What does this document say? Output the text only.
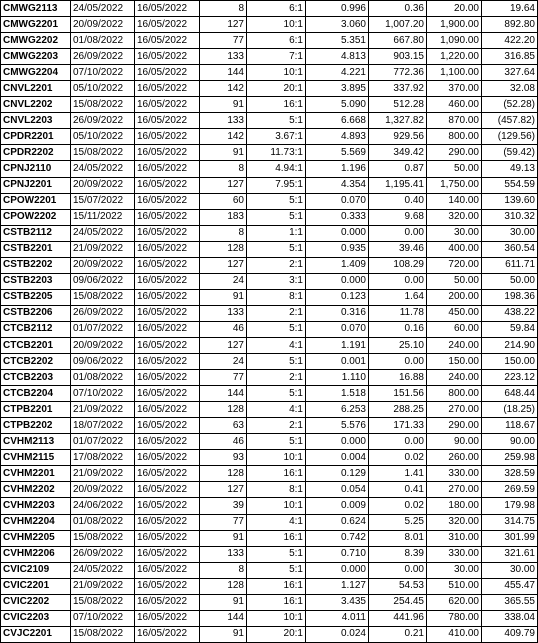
CMWG2113	24/05/2022	16/05/2022	8	6:1	0.996	0.36	20.00	19.64
CMWG2201	20/09/2022	16/05/2022	127	10:1	3.060	1,007.20	1,900.00	892.80
CMWG2202	01/08/2022	16/05/2022	77	6:1	5.351	667.80	1,090.00	422.20
CMWG2203	26/09/2022	16/05/2022	133	7:1	4.813	903.15	1,220.00	316.85
CMWG2204	07/10/2022	16/05/2022	144	10:1	4.221	772.36	1,100.00	327.64
CNVL2201	05/10/2022	16/05/2022	142	20:1	3.895	337.92	370.00	32.08
CNVL2202	15/08/2022	16/05/2022	91	16:1	5.090	512.28	460.00	(52.28)
CNVL2203	26/09/2022	16/05/2022	133	5:1	6.668	1,327.82	870.00	(457.82)
CPDR2201	05/10/2022	16/05/2022	142	3.67:1	4.893	929.56	800.00	(129.56)
CPDR2202	15/08/2022	16/05/2022	91	11.73:1	5.569	349.42	290.00	(59.42)
CPNJ2110	24/05/2022	16/05/2022	8	4.94:1	1.196	0.87	50.00	49.13
CPNJ2201	20/09/2022	16/05/2022	127	7.95:1	4.354	1,195.41	1,750.00	554.59
CPOW2201	15/07/2022	16/05/2022	60	5:1	0.070	0.40	140.00	139.60
CPOW2202	15/11/2022	16/05/2022	183	5:1	0.333	9.68	320.00	310.32
CSTB2112	24/05/2022	16/05/2022	8	1:1	0.000	0.00	30.00	30.00
CSTB2201	21/09/2022	16/05/2022	128	5:1	0.935	39.46	400.00	360.54
CSTB2202	20/09/2022	16/05/2022	127	2:1	1.409	108.29	720.00	611.71
CSTB2203	09/06/2022	16/05/2022	24	3:1	0.000	0.00	50.00	50.00
CSTB2205	15/08/2022	16/05/2022	91	8:1	0.123	1.64	200.00	198.36
CSTB2206	26/09/2022	16/05/2022	133	2:1	0.316	11.78	450.00	438.22
CTCB2112	01/07/2022	16/05/2022	46	5:1	0.070	0.16	60.00	59.84
CTCB2201	20/09/2022	16/05/2022	127	4:1	1.191	25.10	240.00	214.90
CTCB2202	09/06/2022	16/05/2022	24	5:1	0.001	0.00	150.00	150.00
CTCB2203	01/08/2022	16/05/2022	77	2:1	1.110	16.88	240.00	223.12
CTCB2204	07/10/2022	16/05/2022	144	5:1	1.518	151.56	800.00	648.44
CTPB2201	21/09/2022	16/05/2022	128	4:1	6.253	288.25	270.00	(18.25)
CTPB2202	18/07/2022	16/05/2022	63	2:1	5.576	171.33	290.00	118.67
CVHM2113	01/07/2022	16/05/2022	46	5:1	0.000	0.00	90.00	90.00
CVHM2115	17/08/2022	16/05/2022	93	10:1	0.004	0.02	260.00	259.98
CVHM2201	21/09/2022	16/05/2022	128	16:1	0.129	1.41	330.00	328.59
CVHM2202	20/09/2022	16/05/2022	127	8:1	0.054	0.41	270.00	269.59
CVHM2203	24/06/2022	16/05/2022	39	10:1	0.009	0.02	180.00	179.98
CVHM2204	01/08/2022	16/05/2022	77	4:1	0.624	5.25	320.00	314.75
CVHM2205	15/08/2022	16/05/2022	91	16:1	0.742	8.01	310.00	301.99
CVHM2206	26/09/2022	16/05/2022	133	5:1	0.710	8.39	330.00	321.61
CVIC2109	24/05/2022	16/05/2022	8	5:1	0.000	0.00	30.00	30.00
CVIC2201	21/09/2022	16/05/2022	128	16:1	1.127	54.53	510.00	455.47
CVIC2202	15/08/2022	16/05/2022	91	16:1	3.435	254.45	620.00	365.55
CVIC2203	07/10/2022	16/05/2022	144	10:1	4.011	441.96	780.00	338.04
CVJC2201	15/08/2022	16/05/2022	91	20:1	0.024	0.21	410.00	409.79
